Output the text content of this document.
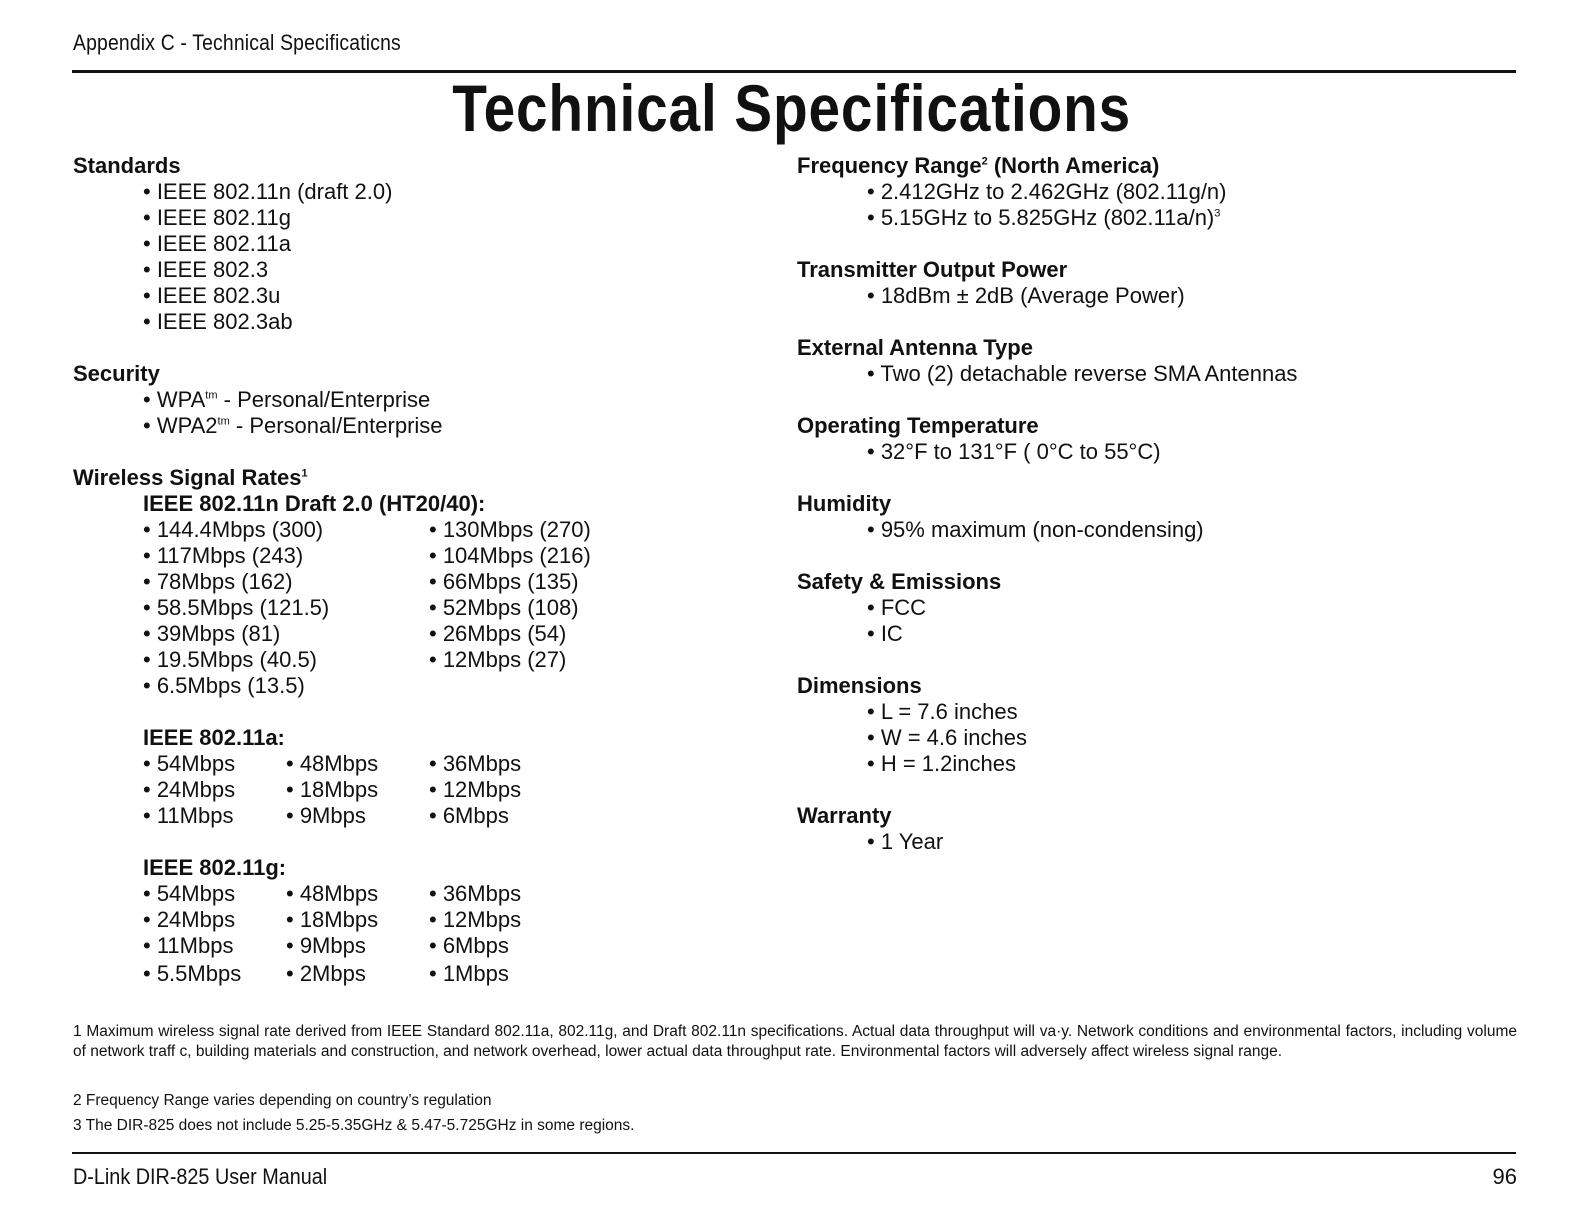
Appendix C - Technical Specificaticns
Technical Specifications
Standards
• IEEE 802.11n (draft 2.0)
• IEEE 802.11g
• IEEE 802.11a
• IEEE 802.3
• IEEE 802.3u
• IEEE 802.3ab
Security
• $WPA^{tm}$ - Personal/Enterprise
• $WPA2^{tm}$ - Personal/Enterprise
Wireless Signal Rates$^1$
IEEE 802.11n Draft 2.0 (HT20/40):
• 144.4Mbps (300)	• 130Mbps (270)
• 117Mbps (243)	• 104Mbps (216)
• 78Mbps (162)	• 66Mbps (135)
• 58.5Mbps (121.5)	• 52Mbps (108)
• 39Mbps (81)	• 26Mbps (54)
• 19.5Mbps (40.5)	• 12Mbps (27)
• 6.5Mbps (13.5)
IEEE 802.11a:
• 54Mbps	• 48Mbps	• 36Mbps
• 24Mbps	• 18Mbps	• 12Mbps
• 11Mbps	• 9Mbps	• 6Mbps
IEEE 802.11g:
• 54Mbps	• 48Mbps	• 36Mbps
• 24Mbps	• 18Mbps	• 12Mbps
• 11Mbps	• 9Mbps	• 6Mbps
• 5.5Mbps	• 2Mbps	• 1Mbps
Frequency Range$^2$ (North America)
• 2.412GHz to 2.462GHz (802.11g/n)
• 5.15GHz to 5.825GHz $(802.11a/n)^3$
Transmitter Output Power
• 18dBm ± 2dB (Average Power)
External Antenna Type
• Two (2) detachable reverse SMA Antennas
Operating Temperature
• 32°F to 131°F ( 0°C to 55°C)
Humidity
• 95% maximum (non-condensing)
Safety & Emissions
• FCC
• IC
Dimensions
• L = 7.6 inches
• W = 4.6 inches
• H = 1.2inches
Warranty
• 1 Year
1 Maximum wireless signal rate derived from IEEE Standard 802.11a, 802.11g, and Draft 802.11n specifications. Actual data throughput will va·y. Network conditions and environmental factors, including volume of network traff c, building materials and construction, and network overhead, lower actual data throughput rate. Environmental factors will adversely affect wireless signal range.
2 Frequency Range varies depending on country’s regulation
3 The DIR-825 does not include 5.25-5.35GHz & 5.47-5.725GHz in some regions.
D-Link DIR-825 User Manual	96
